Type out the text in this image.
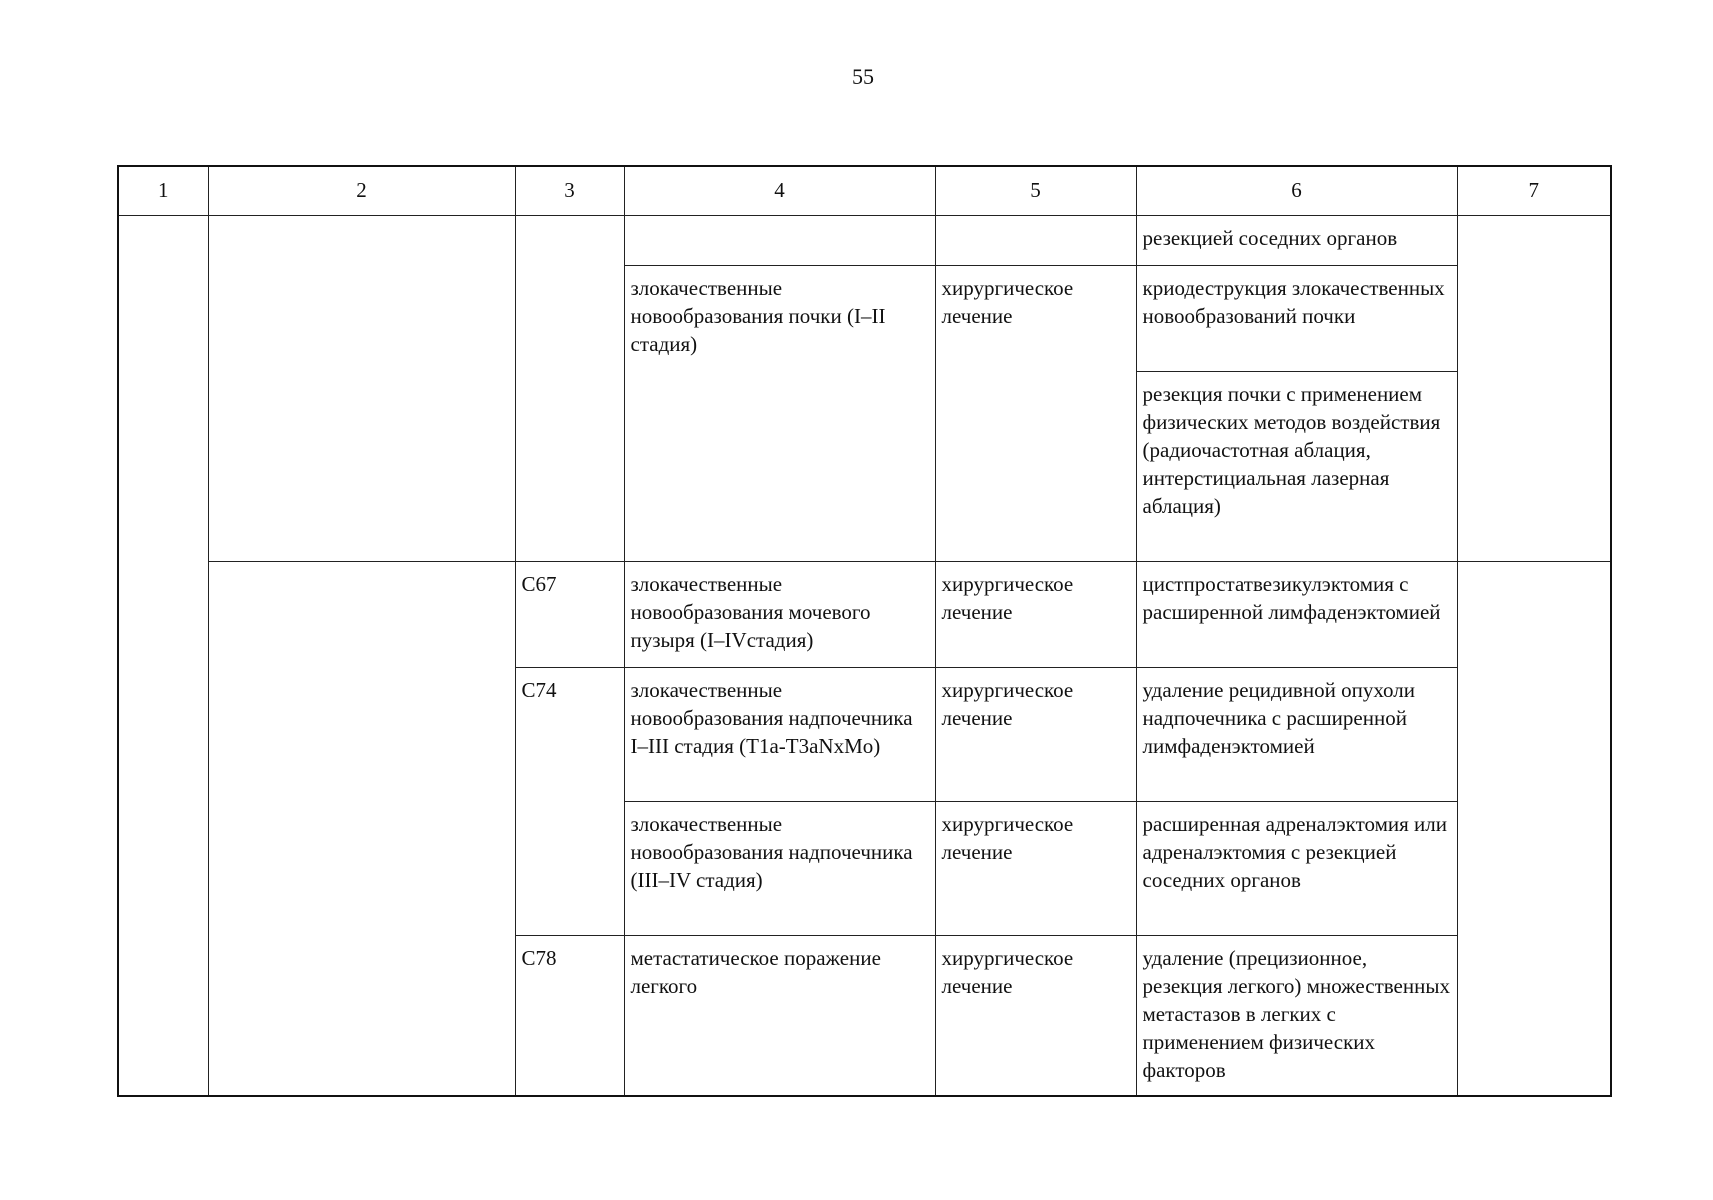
55
1	2	3	4	5	6	7
					резекцией соседних органов	
			злокачественные новообразования почки (I–II стадия)	хирургическое лечение	криодеструкция злокачественных новообразований почки	
					резекция почки с применением физических методов воздействия (радиочастотная аблация, интерстициальная лазерная аблация)	
		C67	злокачественные новообразования мочевого пузыря (I–IVстадия)	хирургическое лечение	цистпростатвезикулэктомия с расширенной лимфаденэктомией	
		C74	злокачественные новообразования надпочечника I–III стадия (T1a-T3aNxMo)	хирургическое лечение	удаление рецидивной опухоли надпочечника с расширенной лимфаденэктомией	
			злокачественные новообразования надпочечника (III–IV стадия)	хирургическое лечение	расширенная адреналэктомия или адреналэктомия с резекцией соседних органов	
		C78	метастатическое поражение легкого	хирургическое лечение	удаление (прецизионное, резекция легкого) множественных метастазов в легких с применением физических факторов	
